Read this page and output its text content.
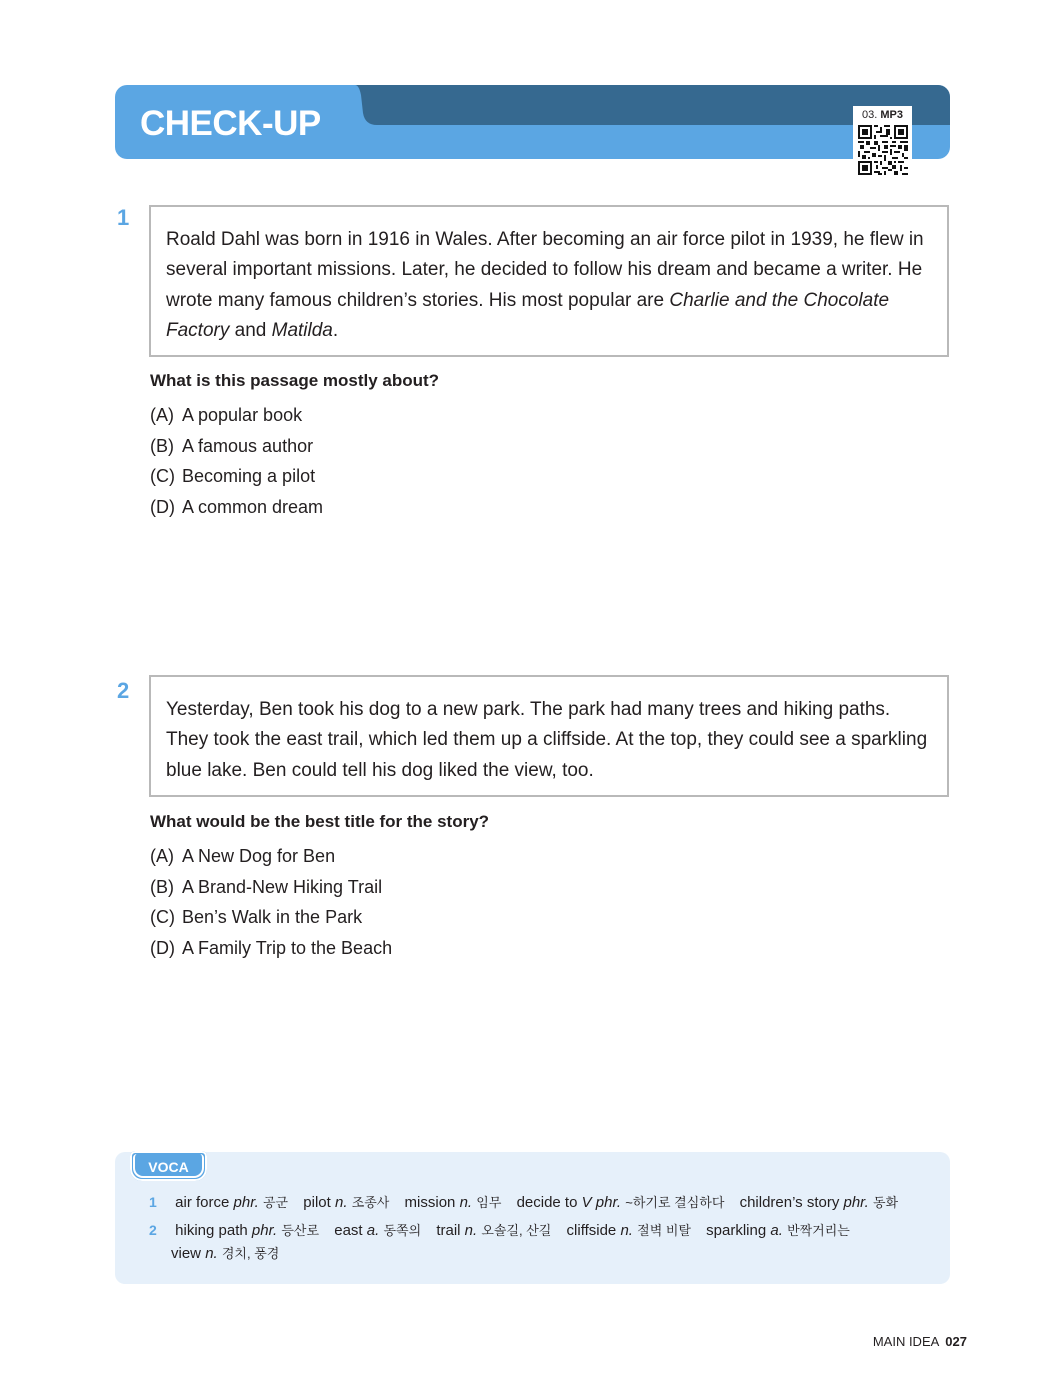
CHECK-UP	03. MP3
1

Roald Dahl was born in 1916 in Wales. After becoming an air force pilot in 1939, he flew in several important missions. Later, he decided to follow his dream and became a writer. He wrote many famous children’s stories. His most popular are Charlie and the Chocolate Factory and Matilda.

What is this passage mostly about?

(A) A popular book
(B) A famous author
(C) Becoming a pilot
(D) A common dream
2

Yesterday, Ben took his dog to a new park. The park had many trees and hiking paths. They took the east trail, which led them up a cliffside. At the top, they could see a sparkling blue lake. Ben could tell his dog liked the view, too.

What would be the best title for the story?

(A) A New Dog for Ben
(B) A Brand-New Hiking Trail
(C) Ben’s Walk in the Park
(D) A Family Trip to the Beach
VOCA
1 air force phr. 공군 pilot n. 조종사 mission n. 임무 decide to V phr. ~하기로 결심하다 children’s story phr. 동화
2 hiking path phr. 등산로 east a. 동쪽의 trail n. 오솔길, 산길 cliffside n. 절벽 비탈 sparkling a. 반짝거리는
view n. 경치, 풍경
MAIN IDEA 027
